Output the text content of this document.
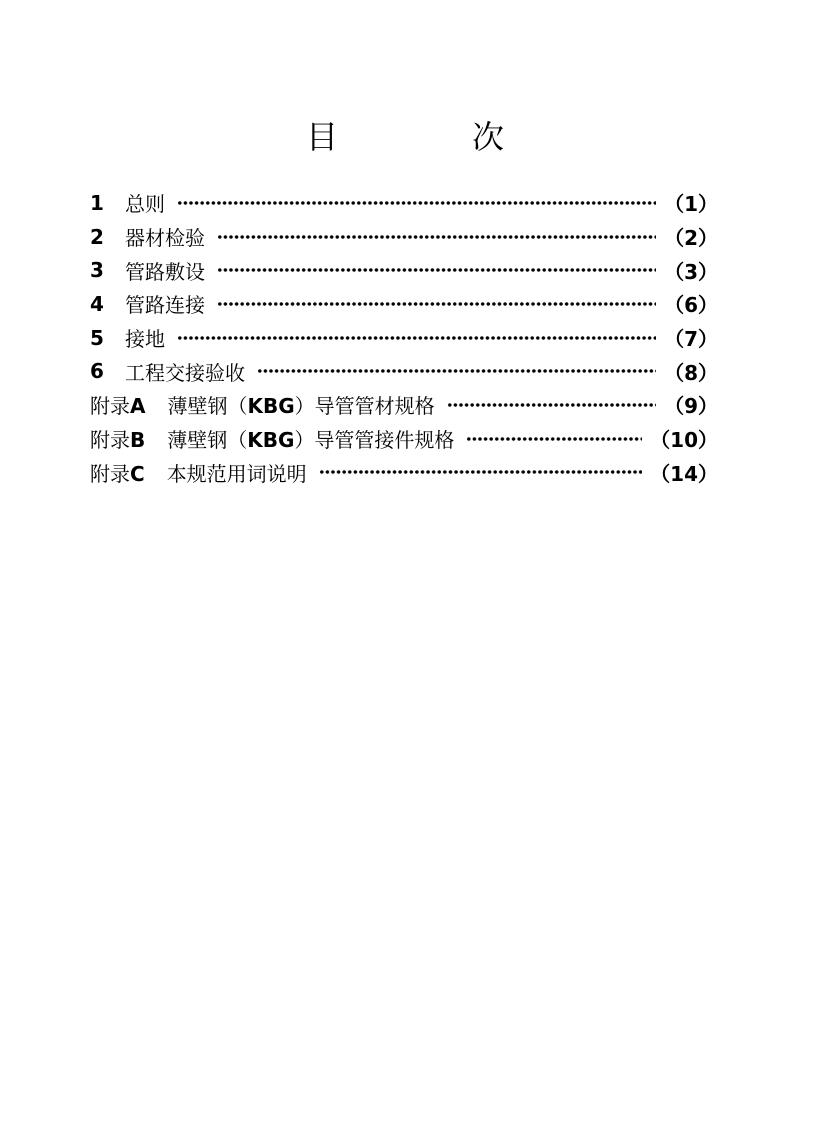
目	次
1	总则	（1）
2	器材检验	（2）
3	管路敷设	（3）
4	管路连接	（6）
5	接地	（7）
6	工程交接验收	（8）
附录A 薄壁钢（KBG）导管管材规格	（9）
附录B 薄壁钢（KBG）导管管接件规格	（10）
附录C 本规范用词说明	（14）
